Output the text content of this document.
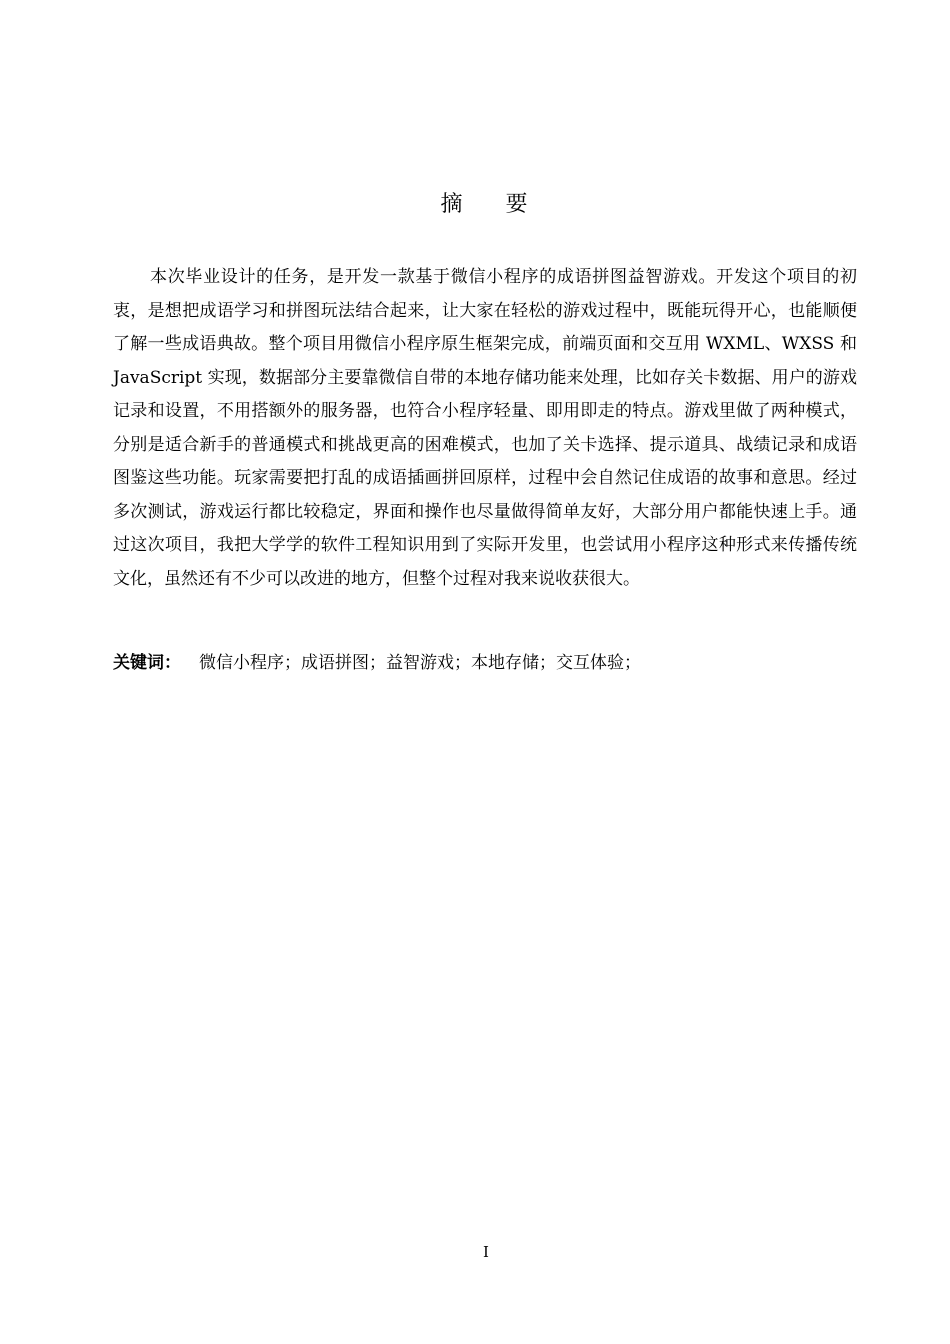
摘 要

本次毕业设计的任务，是开发一款基于微信小程序的成语拼图益智游戏。开发这个项目的初衷，是想把成语学习和拼图玩法结合起来，让大家在轻松的游戏过程中，既能玩得开心，也能顺便了解一些成语典故。整个项目用微信小程序原生框架完成，前端页面和交互用 WXML、WXSS 和 JavaScript 实现，数据部分主要靠微信自带的本地存储功能来处理，比如存关卡数据、用户的游戏记录和设置，不用搭额外的服务器，也符合小程序轻量、即用即走的特点。游戏里做了两种模式，分别是适合新手的普通模式和挑战更高的困难模式，也加了关卡选择、提示道具、战绩记录和成语图鉴这些功能。玩家需要把打乱的成语插画拼回原样，过程中会自然记住成语的故事和意思。经过多次测试，游戏运行都比较稳定，界面和操作也尽量做得简单友好，大部分用户都能快速上手。通过这次项目，我把大学学的软件工程知识用到了实际开发里，也尝试用小程序这种形式来传播传统文化，虽然还有不少可以改进的地方，但整个过程对我来说收获很大。

关键词： 微信小程序；成语拼图；益智游戏；本地存储；交互体验；

I
